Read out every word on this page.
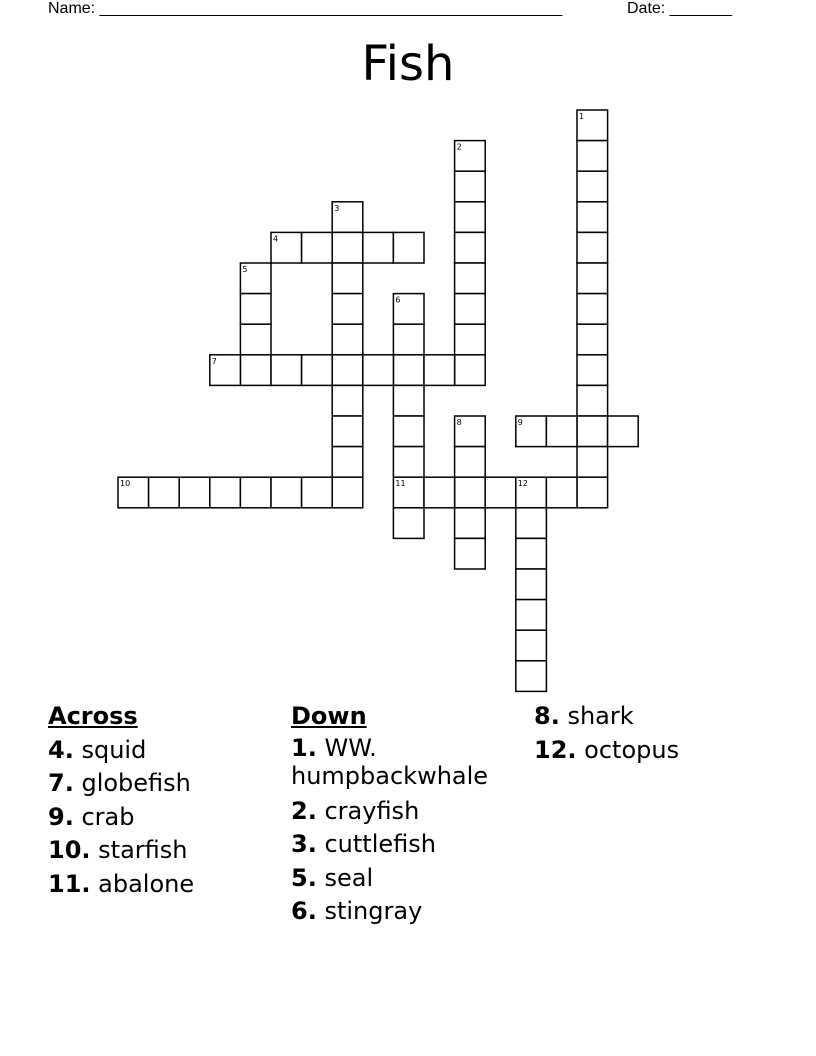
Name: ____________________________________________________	Date: _______
Fish
1
2
3
4
5
6
7
8	9
10	11	12
Across
4. squid
7. globefish
9. crab
10. starfish
11. abalone
Down
1. WW. humpbackwhale
2. crayfish
3. cuttlefish
5. seal
6. stingray
8. shark
12. octopus
